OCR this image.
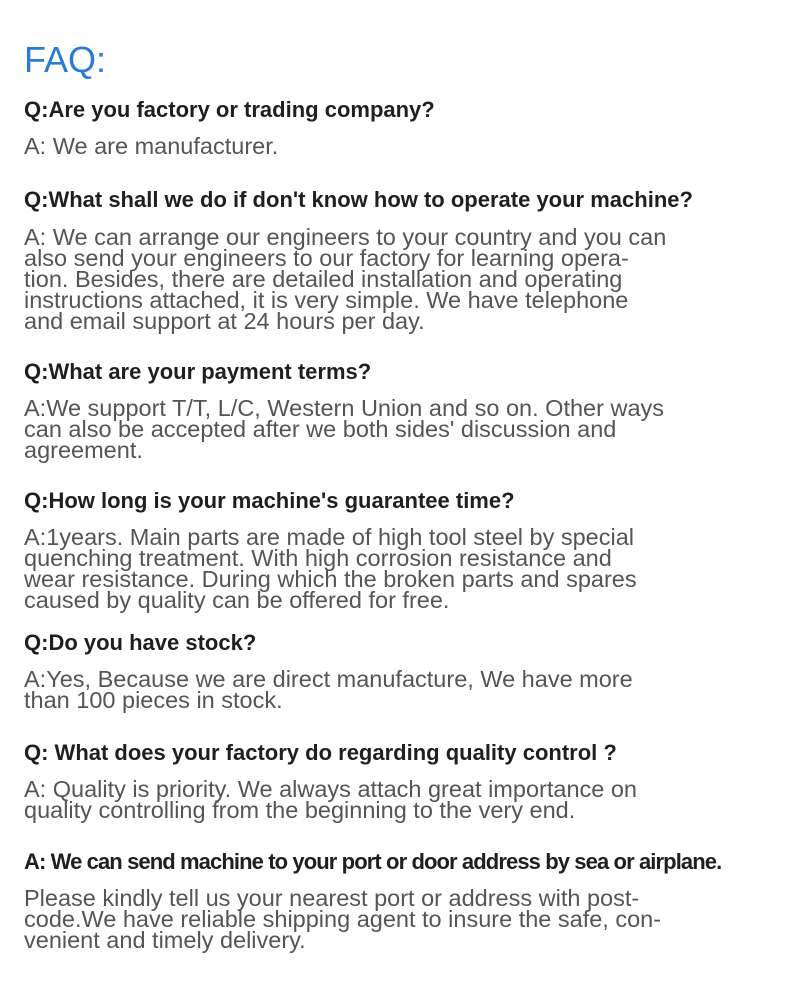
FAQ:
Q:Are you factory or trading company?
A: We are manufacturer.
Q:What shall we do if don't know how to operate your machine?
A: We can arrange our engineers to your country and you can
also send your engineers to our factory for learning opera-
tion. Besides, there are detailed installation and operating
instructions attached, it is very simple. We have telephone
and email support at 24 hours per day.
Q:What are your payment terms?
A:We support T/T, L/C, Western Union and so on. Other ways
can also be accepted after we both sides' discussion and
agreement.
Q:How long is your machine's guarantee time?
A:1years. Main parts are made of high tool steel by special
quenching treatment. With high corrosion resistance and
wear resistance. During which the broken parts and spares
caused by quality can be offered for free.
Q:Do you have stock?
A:Yes, Because we are direct manufacture, We have more
than 100 pieces in stock.
Q: What does your factory do regarding quality control ?
A: Quality is priority. We always attach great importance on
quality controlling from the beginning to the very end.
A: We can send machine to your port or door address by sea or airplane.
Please kindly tell us your nearest port or address with post-
code.We have reliable shipping agent to insure the safe, con-
venient and timely delivery.
